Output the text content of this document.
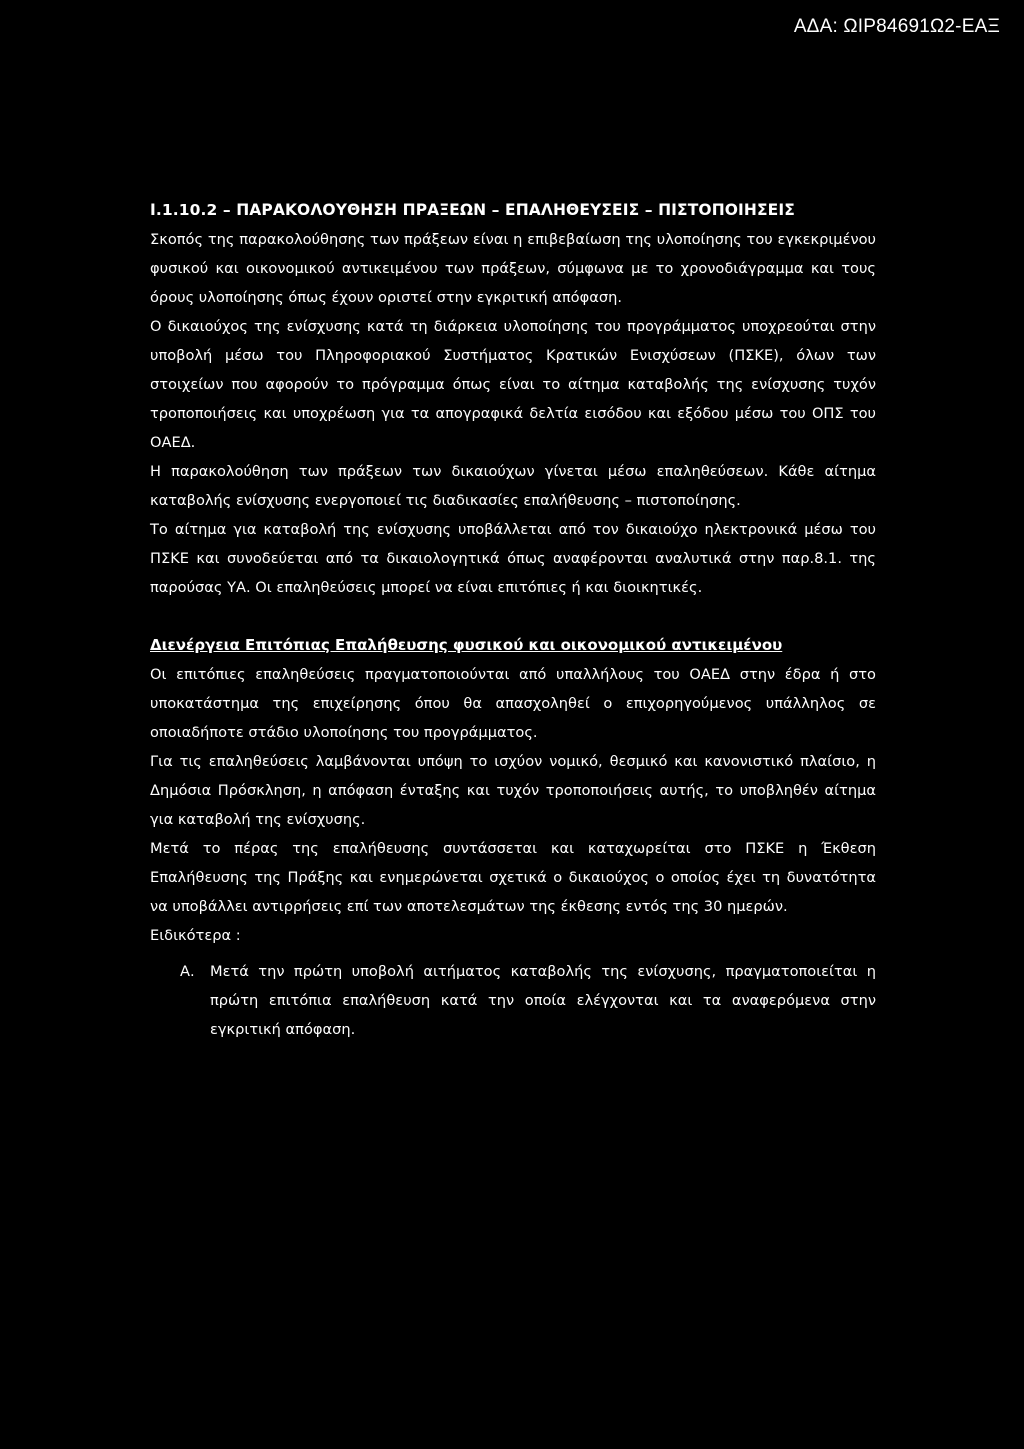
ΑΔΑ: ΩΙΡ84691Ω2-ΕΑΞ
Ι.1.10.2 – ΠΑΡΑΚΟΛΟΥΘΗΣΗ ΠΡΑΞΕΩΝ – ΕΠΑΛΗΘΕΥΣΕΙΣ – ΠΙΣΤΟΠΟΙΗΣΕΙΣ

Σκοπός της παρακολούθησης των πράξεων είναι η επιβεβαίωση της υλοποίησης του εγκεκριμένου φυσικού και οικονομικού αντικειμένου των πράξεων, σύμφωνα με το χρονοδιάγραμμα και τους όρους υλοποίησης όπως έχουν οριστεί στην εγκριτική απόφαση.

Ο δικαιούχος της ενίσχυσης κατά τη διάρκεια υλοποίησης του προγράμματος υποχρεούται στην υποβολή μέσω του Πληροφοριακού Συστήματος Κρατικών Ενισχύσεων (ΠΣΚΕ), όλων των στοιχείων που αφορούν το πρόγραμμα όπως είναι το αίτημα καταβολής της ενίσχυσης τυχόν τροποποιήσεις και υποχρέωση για τα απογραφικά δελτία εισόδου και εξόδου μέσω του ΟΠΣ του ΟΑΕΔ.

Η παρακολούθηση των πράξεων των δικαιούχων γίνεται μέσω επαληθεύσεων. Κάθε αίτημα καταβολής ενίσχυσης ενεργοποιεί τις διαδικασίες επαλήθευσης – πιστοποίησης.

Το αίτημα για καταβολή της ενίσχυσης υποβάλλεται από τον δικαιούχο ηλεκτρονικά μέσω του ΠΣΚΕ και συνοδεύεται από τα δικαιολογητικά όπως αναφέρονται αναλυτικά στην παρ.8.1. της παρούσας ΥΑ. Οι επαληθεύσεις μπορεί να είναι επιτόπιες ή και διοικητικές.

Διενέργεια Επιτόπιας Επαλήθευσης φυσικού και οικονομικού αντικειμένου

Οι επιτόπιες επαληθεύσεις πραγματοποιούνται από υπαλλήλους του ΟΑΕΔ στην έδρα ή στο υποκατάστημα της επιχείρησης όπου θα απασχοληθεί ο επιχορηγούμενος υπάλληλος σε οποιαδήποτε στάδιο υλοποίησης του προγράμματος.

Για τις επαληθεύσεις λαμβάνονται υπόψη το ισχύον νομικό, θεσμικό και κανονιστικό πλαίσιο, η Δημόσια Πρόσκληση, η απόφαση ένταξης και τυχόν τροποποιήσεις αυτής, το υποβληθέν αίτημα για καταβολή της ενίσχυσης.

Μετά το πέρας της επαλήθευσης συντάσσεται και καταχωρείται στο ΠΣΚΕ η Έκθεση Επαλήθευσης της Πράξης και ενημερώνεται σχετικά ο δικαιούχος ο οποίος έχει τη δυνατότητα να υποβάλλει αντιρρήσεις επί των αποτελεσμάτων της έκθεσης εντός της 30 ημερών.

Ειδικότερα :

Α.	Μετά την πρώτη υποβολή αιτήματος καταβολής της ενίσχυσης, πραγματοποιείται η πρώτη επιτόπια επαλήθευση κατά την οποία ελέγχονται και τα αναφερόμενα στην εγκριτική απόφαση.
